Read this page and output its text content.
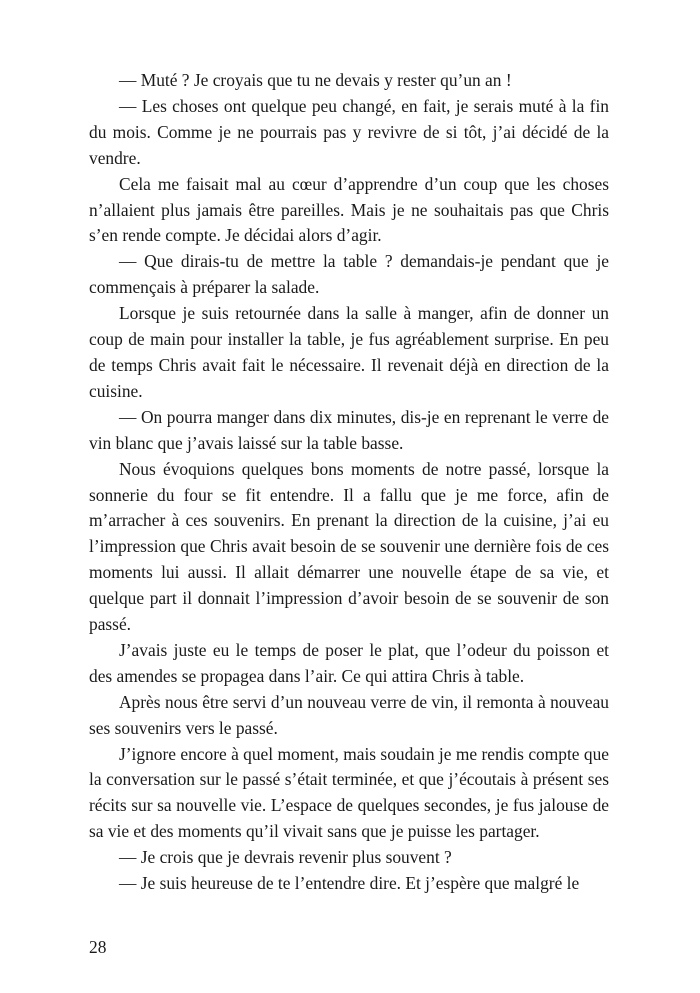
— Muté ? Je croyais que tu ne devais y rester qu’un an !

— Les choses ont quelque peu changé, en fait, je serais muté à la fin du mois. Comme je ne pourrais pas y revivre de si tôt, j’ai décidé de la vendre.

Cela me faisait mal au cœur d’apprendre d’un coup que les choses n’allaient plus jamais être pareilles. Mais je ne souhaitais pas que Chris s’en rende compte. Je décidai alors d’agir.

— Que dirais-tu de mettre la table ? demandais-je pendant que je commençais à préparer la salade.

Lorsque je suis retournée dans la salle à manger, afin de donner un coup de main pour installer la table, je fus agréablement surprise. En peu de temps Chris avait fait le nécessaire. Il revenait déjà en direction de la cuisine.

— On pourra manger dans dix minutes, dis-je en reprenant le verre de vin blanc que j’avais laissé sur la table basse.

Nous évoquions quelques bons moments de notre passé, lorsque la sonnerie du four se fit entendre. Il a fallu que je me force, afin de m’arracher à ces souvenirs. En prenant la direction de la cuisine, j’ai eu l’impression que Chris avait besoin de se souvenir une dernière fois de ces moments lui aussi. Il allait démarrer une nouvelle étape de sa vie, et quelque part il donnait l’impression d’avoir besoin de se souvenir de son passé.

J’avais juste eu le temps de poser le plat, que l’odeur du poisson et des amendes se propagea dans l’air. Ce qui attira Chris à table.

Après nous être servi d’un nouveau verre de vin, il remonta à nouveau ses souvenirs vers le passé.

J’ignore encore à quel moment, mais soudain je me rendis compte que la conversation sur le passé s’était terminée, et que j’écoutais à présent ses récits sur sa nouvelle vie. L’espace de quelques secondes, je fus jalouse de sa vie et des moments qu’il vivait sans que je puisse les partager.

— Je crois que je devrais revenir plus souvent ?

— Je suis heureuse de te l’entendre dire. Et j’espère que malgré le

28
